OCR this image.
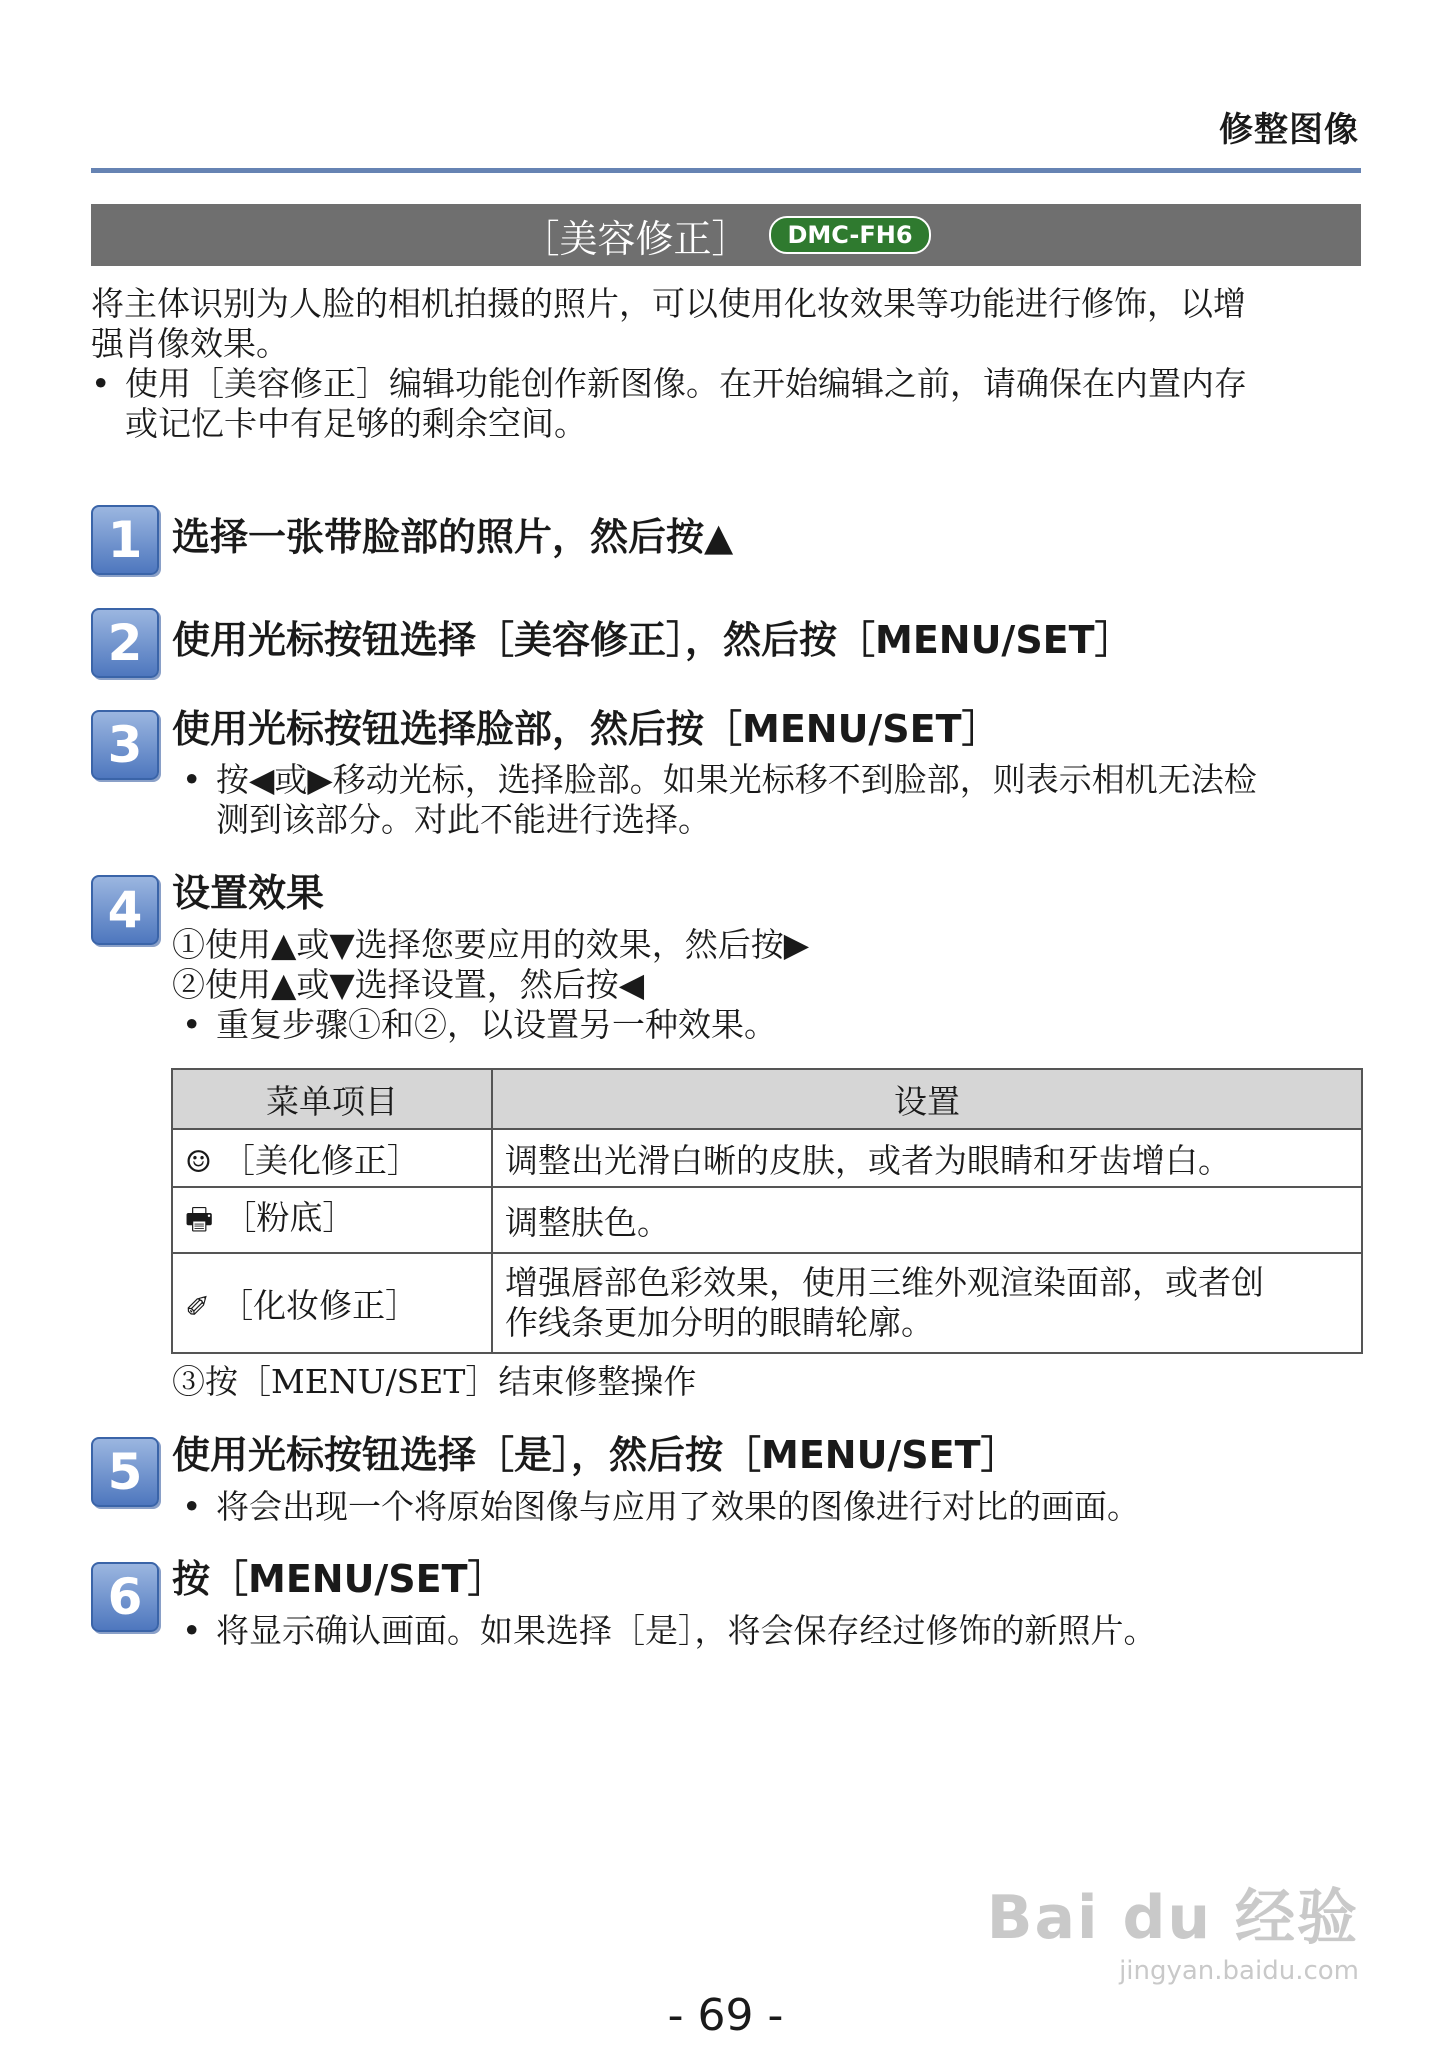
修整图像
［美容修正］	DMC-FH6
将主体识别为人脸的相机拍摄的照片，可以使用化妆效果等功能进行修饰，以增
强肖像效果。
• 使用［美容修正］编辑功能创作新图像。在开始编辑之前，请确保在内置内存
或记忆卡中有足够的剩余空间。
1 选择一张带脸部的照片，然后按▲
2 使用光标按钮选择［美容修正］，然后按［MENU/SET］
3 使用光标按钮选择脸部，然后按［MENU/SET］
• 按◀或▶移动光标，选择脸部。如果光标移不到脸部，则表示相机无法检
测到该部分。对此不能进行选择。
4 设置效果
①使用▲或▼选择您要应用的效果，然后按▶
②使用▲或▼选择设置，然后按◀
• 重复步骤①和②，以设置另一种效果。
菜单项目	设置
☺ ［美化修正］	调整出光滑白晰的皮肤，或者为眼睛和牙齿增白。
🖶 ［粉底］	调整肤色。
✐ ［化妆修正］	增强唇部色彩效果，使用三维外观渲染面部，或者创
作线条更加分明的眼睛轮廓。
③按［MENU/SET］结束修整操作
5 使用光标按钮选择［是］，然后按［MENU/SET］
• 将会出现一个将原始图像与应用了效果的图像进行对比的画面。
6 按［MENU/SET］
• 将显示确认画面。如果选择［是］，将会保存经过修饰的新照片。
Bai du 经验
jingyan.baidu.com
- 69 -
